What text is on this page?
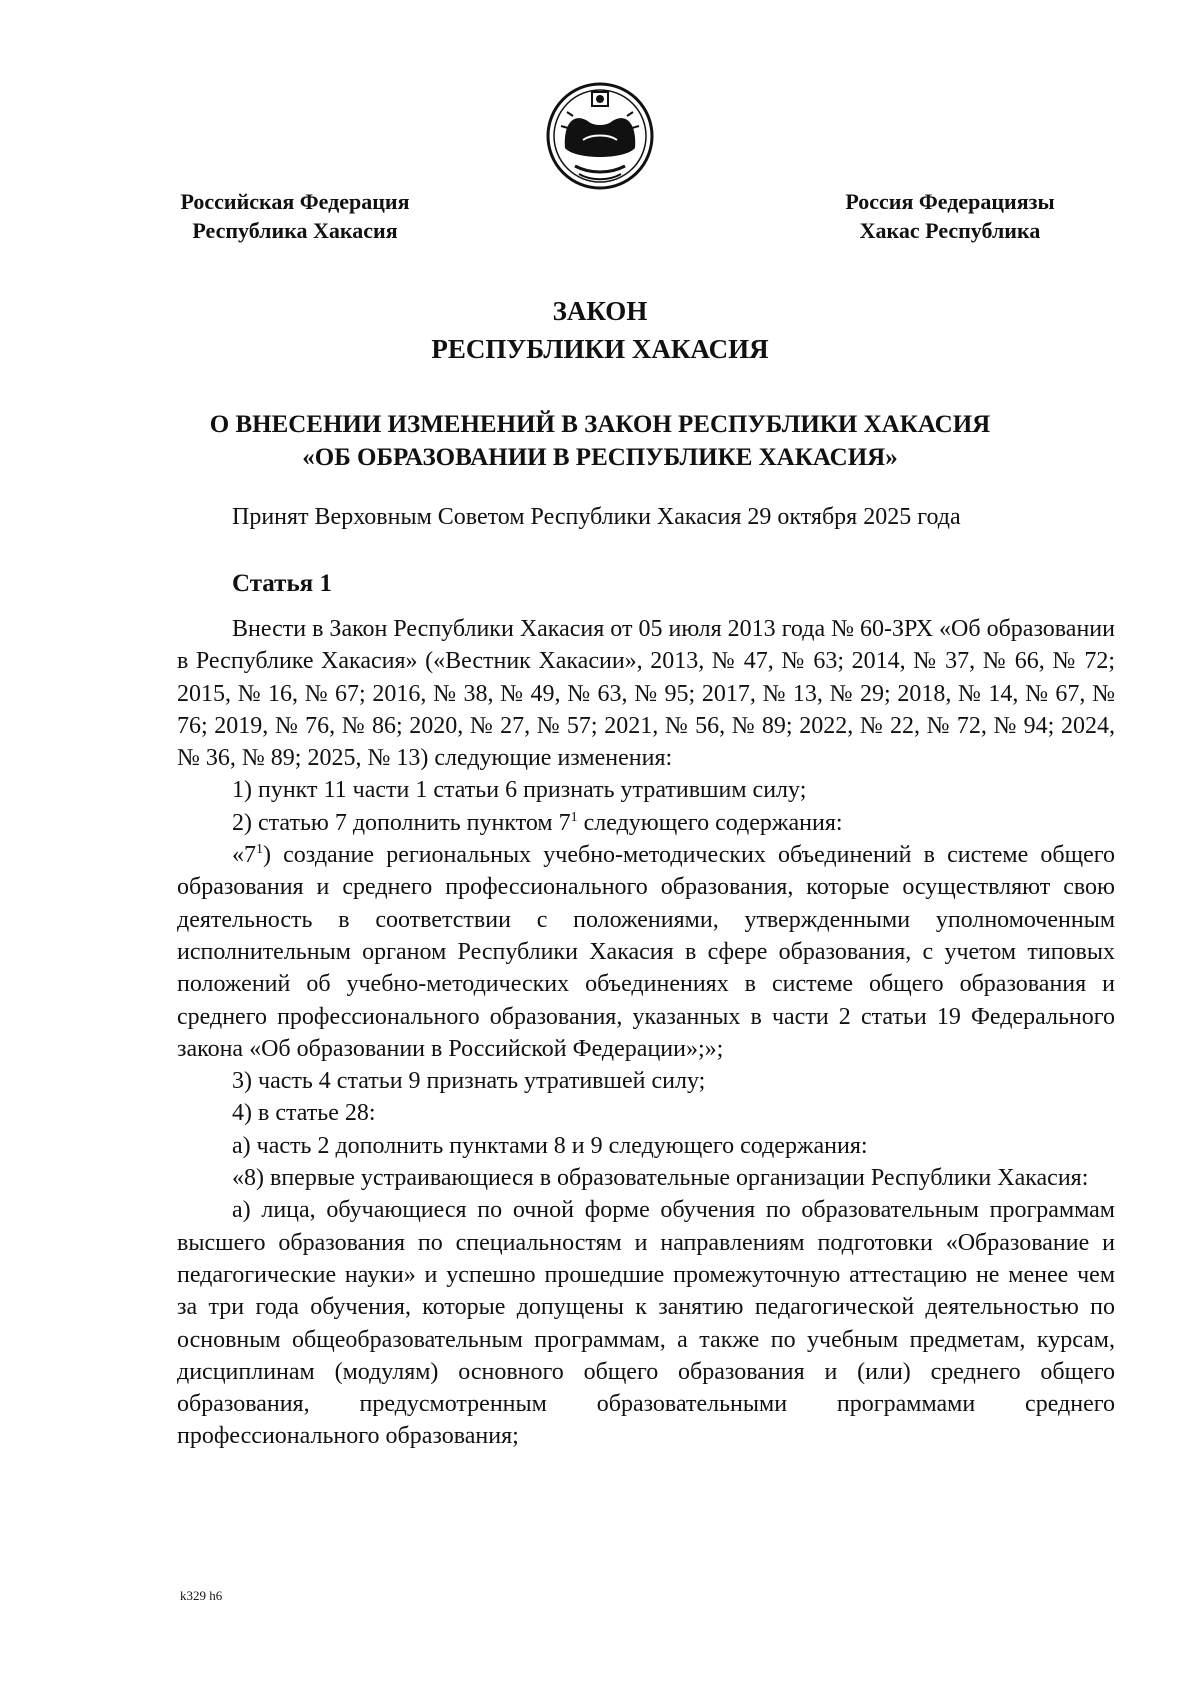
Российская Федерация
Республика Хакасия
Россия Федерациязы
Хакас Республика
ЗАКОН
РЕСПУБЛИКИ ХАКАСИЯ
О ВНЕСЕНИИ ИЗМЕНЕНИЙ В ЗАКОН РЕСПУБЛИКИ ХАКАСИЯ
«ОБ ОБРАЗОВАНИИ В РЕСПУБЛИКЕ ХАКАСИЯ»
Принят Верховным Советом Республики Хакасия 29 октября 2025 года
Статья 1

Внести в Закон Республики Хакасия от 05 июля 2013 года № 60-ЗРХ «Об образовании в Республике Хакасия» («Вестник Хакасии», 2013, № 47, № 63; 2014, № 37, № 66, № 72; 2015, № 16, № 67; 2016, № 38, № 49, № 63, № 95; 2017, № 13, № 29; 2018, № 14, № 67, № 76; 2019, № 76, № 86; 2020, № 27, № 57; 2021, № 56, № 89; 2022, № 22, № 72, № 94; 2024, № 36, № 89; 2025, № 13) следующие изменения:

1) пункт 11 части 1 статьи 6 признать утратившим силу;

2) статью 7 дополнить пунктом $7^1$ следующего содержания:

«$7^1$) создание региональных учебно-методических объединений в системе общего образования и среднего профессионального образования, которые осуществляют свою деятельность в соответствии с положениями, утвержденными уполномоченным исполнительным органом Республики Хакасия в сфере образования, с учетом типовых положений об учебно-методических объединениях в системе общего образования и среднего профессионального образования, указанных в части 2 статьи 19 Федерального закона «Об образовании в Российской Федерации»;»;

3) часть 4 статьи 9 признать утратившей силу;

4) в статье 28:

а) часть 2 дополнить пунктами 8 и 9 следующего содержания:

«8) впервые устраивающиеся в образовательные организации Республики Хакасия:

а) лица, обучающиеся по очной форме обучения по образовательным программам высшего образования по специальностям и направлениям подготовки «Образование и педагогические науки» и успешно прошедшие промежуточную аттестацию не менее чем за три года обучения, которые допущены к занятию педагогической деятельностью по основным общеобразовательным программам, а также по учебным предметам, курсам, дисциплинам (модулям) основного общего образования и (или) среднего общего образования, предусмотренным образовательными программами среднего профессионального образования;

k329 h6
